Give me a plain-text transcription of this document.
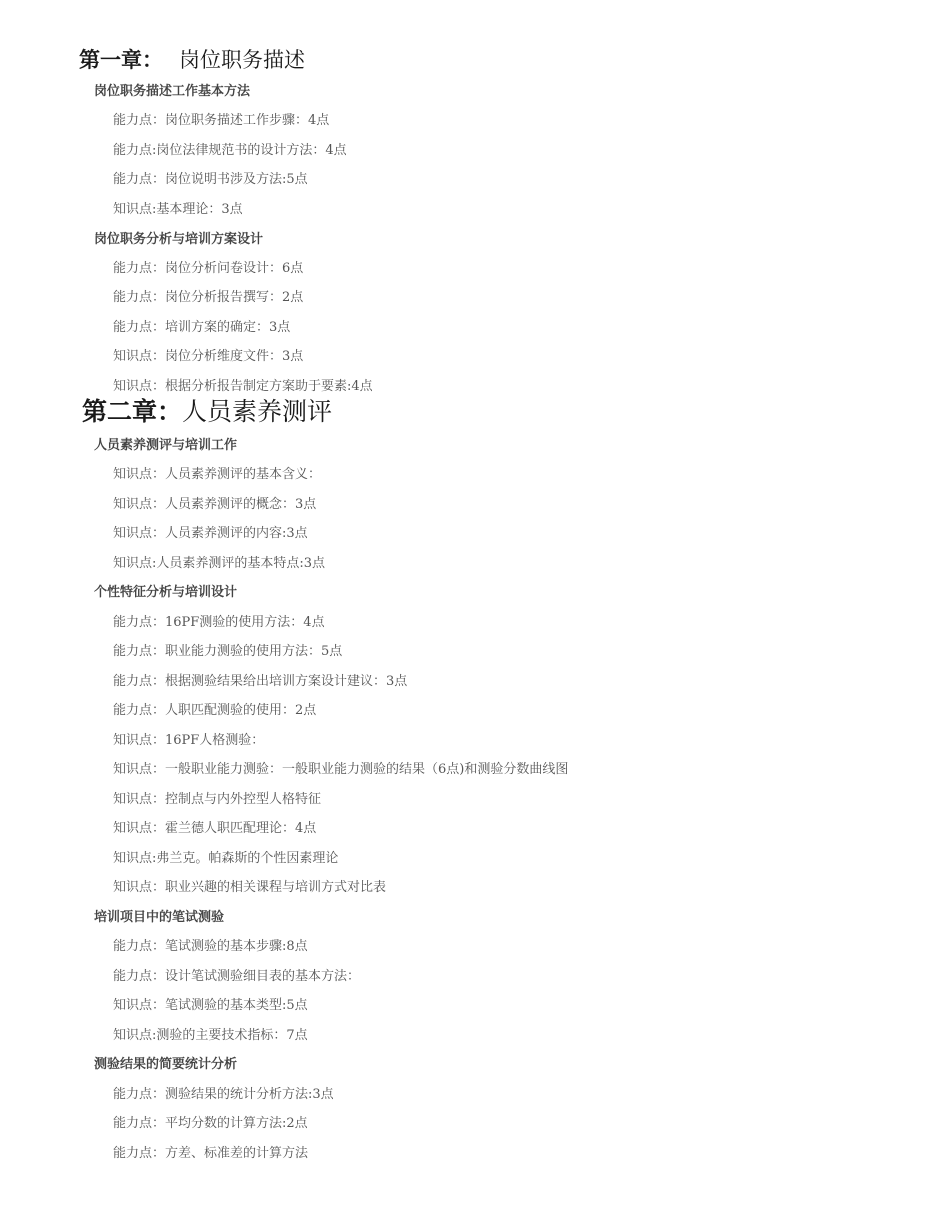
第一章： 岗位职务描述
岗位职务描述工作基本方法

能力点：岗位职务描述工作步骤：4点

能力点:岗位法律规范书的设计方法：4点

能力点：岗位说明书涉及方法:5点

知识点:基本理论：3点

岗位职务分析与培训方案设计

能力点：岗位分析问卷设计：6点

能力点：岗位分析报告撰写：2点

能力点：培训方案的确定：3点

知识点：岗位分析维度文件：3点

知识点：根据分析报告制定方案助于要素:4点

第二章：人员素养测评
人员素养测评与培训工作

知识点：人员素养测评的基本含义：

知识点：人员素养测评的概念：3点

知识点：人员素养测评的内容:3点

知识点:人员素养测评的基本特点:3点

个性特征分析与培训设计

能力点：16PF测验的使用方法：4点

能力点：职业能力测验的使用方法：5点

能力点：根据测验结果给出培训方案设计建议：3点

能力点：人职匹配测验的使用：2点

知识点：16PF人格测验：

知识点：一般职业能力测验：一般职业能力测验的结果（6点)和测验分数曲线图

知识点：控制点与内外控型人格特征

知识点：霍兰德人职匹配理论：4点

知识点:弗兰克。帕森斯的个性因素理论

知识点：职业兴趣的相关课程与培训方式对比表

培训项目中的笔试测验

能力点：笔试测验的基本步骤:8点

能力点：设计笔试测验细目表的基本方法：

知识点：笔试测验的基本类型:5点

知识点:测验的主要技术指标：7点

测验结果的简要统计分析

能力点：测验结果的统计分析方法:3点

能力点：平均分数的计算方法:2点

能力点：方差、标准差的计算方法
